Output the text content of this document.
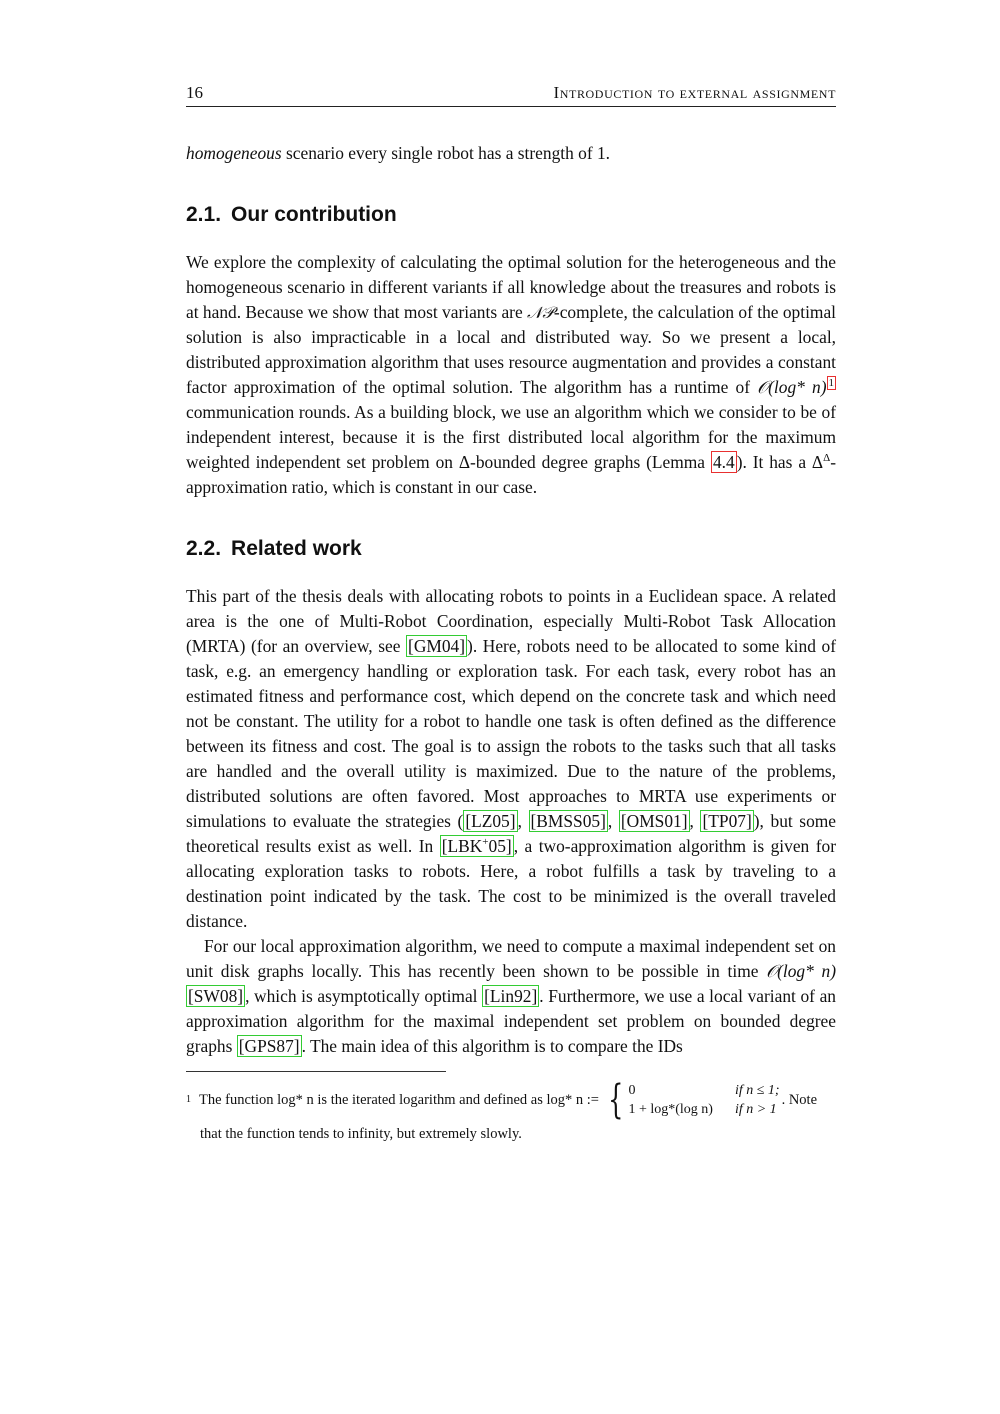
16	Introduction to external assignment

homogeneous scenario every single robot has a strength of 1.

2.1. Our contribution

We explore the complexity of calculating the optimal solution for the heterogeneous and the homogeneous scenario in different variants if all knowledge about the treasures and robots is at hand. Because we show that most variants are 𝒩𝒫-complete, the calculation of the optimal solution is also impracticable in a local and distributed way. So we present a local, distributed approximation algorithm that uses resource augmentation and provides a constant factor approximation of the optimal solution. The algorithm has a runtime of 𝒪(log* n) $^1$ communication rounds. As a building block, we use an algorithm which we consider to be of independent interest, because it is the first distributed local algorithm for the maximum weighted independent set problem on Δ-bounded degree graphs (Lemma 4.4 ). It has a $\Delta^\Delta$-approximation ratio, which is constant in our case.

2.2. Related work

This part of the thesis deals with allocating robots to points in a Euclidean space. A related area is the one of Multi-Robot Coordination, especially Multi-Robot Task Allocation (MRTA) (for an overview, see [GM04] ). Here, robots need to be allocated to some kind of task, e.g. an emergency handling or exploration task. For each task, every robot has an estimated fitness and performance cost, which depend on the concrete task and which need not be constant. The utility for a robot to handle one task is often defined as the difference between its fitness and cost. The goal is to assign the robots to the tasks such that all tasks are handled and the overall utility is maximized. Due to the nature of the problems, distributed solutions are often favored. Most approaches to MRTA use experiments or simulations to evaluate the strategies ( [LZ05] , [BMSS05] , [OMS01] , [TP07] ), but some theoretical results exist as well. In [LBK+05] , a two-approximation algorithm is given for allocating exploration tasks to robots. Here, a robot fulfills a task by traveling to a destination point indicated by the task. The cost to be minimized is the overall traveled distance.

For our local approximation algorithm, we need to compute a maximal independent set on unit disk graphs locally. This has recently been shown to be possible in time 𝒪(log* n) [SW08] , which is asymptotically optimal [Lin92] . Furthermore, we use a local variant of an approximation algorithm for the maximal independent set problem on bounded degree graphs [GPS87] . The main idea of this algorithm is to compare the IDs

1 The function log* n is the iterated logarithm and defined as log* n := { 0	if n ≤ 1;
1 + log*(log n) if n > 1
. Note
that the function tends to infinity, but extremely slowly.
